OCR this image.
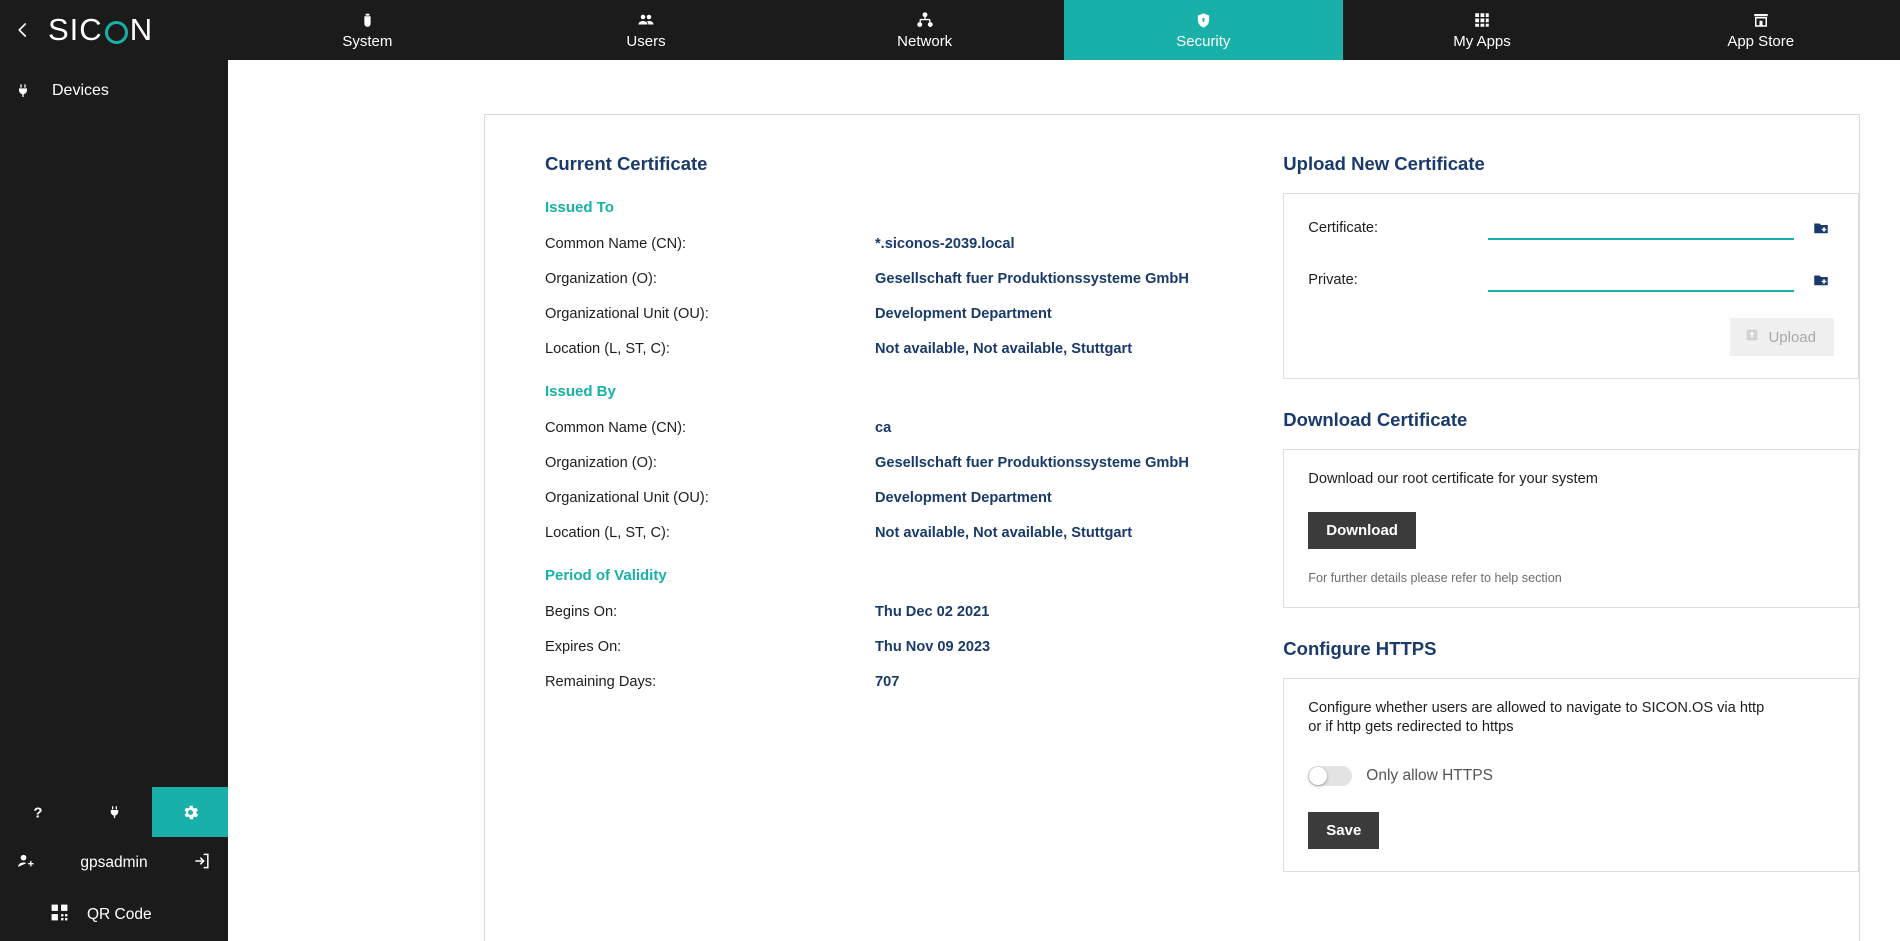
SIC N
Devices
?
gpsadmin
QR Code
System	Users	Network	Security	My Apps	App Store
Current Certificate
Issued To
Common Name (CN):	*.siconos-2039.local
Organization (O):	Gesellschaft fuer Produktionssysteme GmbH
Organizational Unit (OU):	Development Department
Location (L, ST, C):	Not available, Not available, Stuttgart
Issued By
Common Name (CN):	ca
Organization (O):	Gesellschaft fuer Produktionssysteme GmbH
Organizational Unit (OU):	Development Department
Location (L, ST, C):	Not available, Not available, Stuttgart
Period of Validity
Begins On:	Thu Dec 02 2021
Expires On:	Thu Nov 09 2023
Remaining Days:	707
Upload New Certificate
Certificate:
Private:
Upload
Download Certificate

Download our root certificate for your system

Download

For further details please refer to help section

Configure HTTPS

Configure whether users are allowed to navigate to SICON.OS via http

or if http gets redirected to https

Only allow HTTPS
Save
